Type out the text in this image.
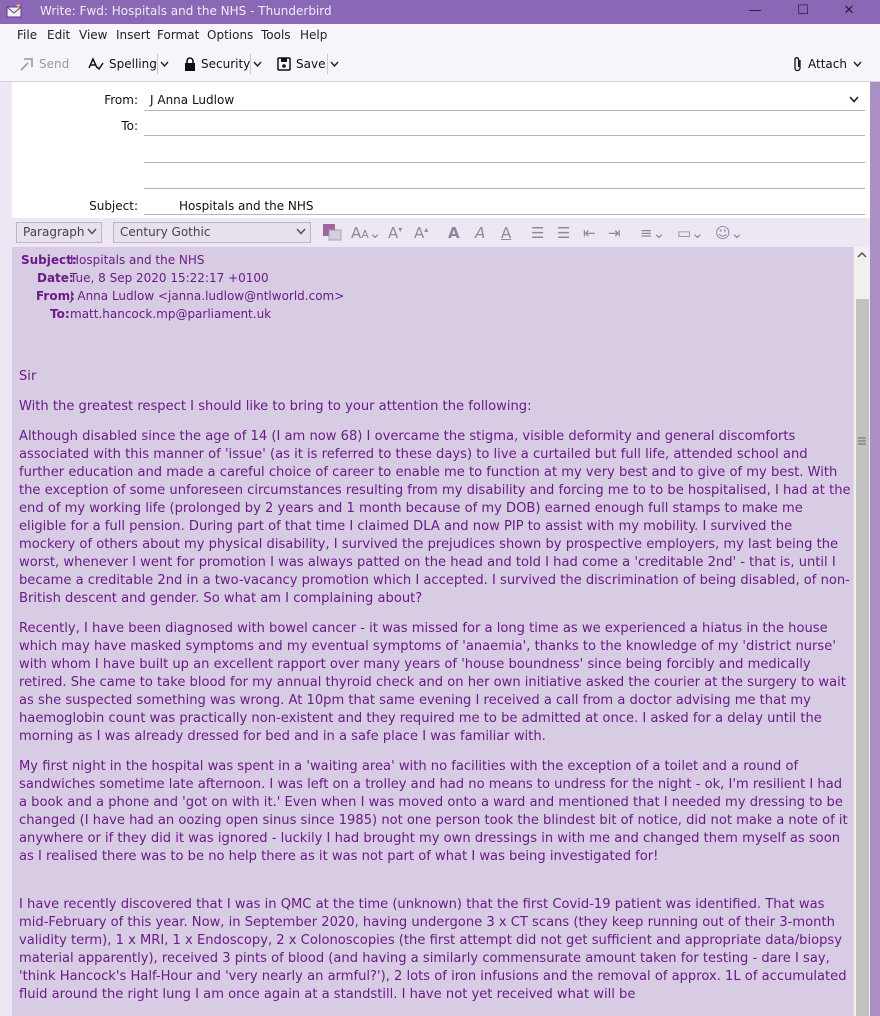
Write: Fwd: Hospitals and the NHS - Thunderbird	—	☐	✕
File Edit View Insert Format Options Tools Help
Send	Spelling	Security	Save	Attach
From: J Anna Ludlow
To:
Subject:	Hospitals and the NHS
Paragraph	Century Gothic	AA⌄ A▾ A▴ A A A ☰ ☰ ⇤ ⇥ ≡⌄ ▭⌄ ☺⌄
Subject:
Hospitals and the NHS
Date:
Tue, 8 Sep 2020 15:22:17 +0100
From:
J Anna Ludlow <janna.ludlow@ntlworld.com>
To: matt.hancock.mp@parliament.uk
Sir
With the greatest respect I should like to bring to your attention the following:
Although disabled since the age of 14 (I am now 68) I overcame the stigma, visible deformity and general discomforts associated with this manner of 'issue' (as it is referred to these days) to live a curtailed but full life, attended school and further education and made a careful choice of career to enable me to function at my very best and to give of my best. With the exception of some unforeseen circumstances resulting from my disability and forcing me to to be hospitalised, I had at the end of my working life (prolonged by 2 years and 1 month because of my DOB) earned enough full stamps to make me eligible for a full pension. During part of that time I claimed DLA and now PIP to assist with my mobility. I survived the mockery of others about my physical disability, I survived the prejudices shown by prospective employers, my last being the worst, whenever I went for promotion I was always patted on the head and told I had come a 'creditable 2nd' - that is, until I became a creditable 2nd in a two-vacancy promotion which I accepted. I survived the discrimination of being disabled, of non-British descent and gender. So what am I complaining about?
Recently, I have been diagnosed with bowel cancer - it was missed for a long time as we experienced a hiatus in the house which may have masked symptoms and my eventual symptoms of 'anaemia', thanks to the knowledge of my 'district nurse' with whom I have built up an excellent rapport over many years of 'house boundness' since being forcibly and medically retired. She came to take blood for my annual thyroid check and on her own initiative asked the courier at the surgery to wait as she suspected something was wrong. At 10pm that same evening I received a call from a doctor advising me that my haemoglobin count was practically non-existent and they required me to be admitted at once. I asked for a delay until the morning as I was already dressed for bed and in a safe place I was familiar with.
My first night in the hospital was spent in a 'waiting area' with no facilities with the exception of a toilet and a round of sandwiches sometime late afternoon. I was left on a trolley and had no means to undress for the night - ok, I'm resilient I had a book and a phone and 'got on with it.' Even when I was moved onto a ward and mentioned that I needed my dressing to be changed (I have had an oozing open sinus since 1985) not one person took the blindest bit of notice, did not make a note of it anywhere or if they did it was ignored - luckily I had brought my own dressings in with me and changed them myself as soon as I realised there was to be no help there as it was not part of what I was being investigated for!
I have recently discovered that I was in QMC at the time (unknown) that the first Covid-19 patient was identified. That was mid-February of this year. Now, in September 2020, having undergone 3 x CT scans (they keep running out of their 3-month validity term), 1 x MRI, 1 x Endoscopy, 2 x Colonoscopies (the first attempt did not get sufficient and appropriate data/biopsy material apparently), received 3 pints of blood (and having a similarly commensurate amount taken for testing - dare I say, 'think Hancock's Half-Hour and 'very nearly an armful?'), 2 lots of iron infusions and the removal of approx. 1L of accumulated fluid around the right lung I am once again at a standstill. I have not yet received what will be
